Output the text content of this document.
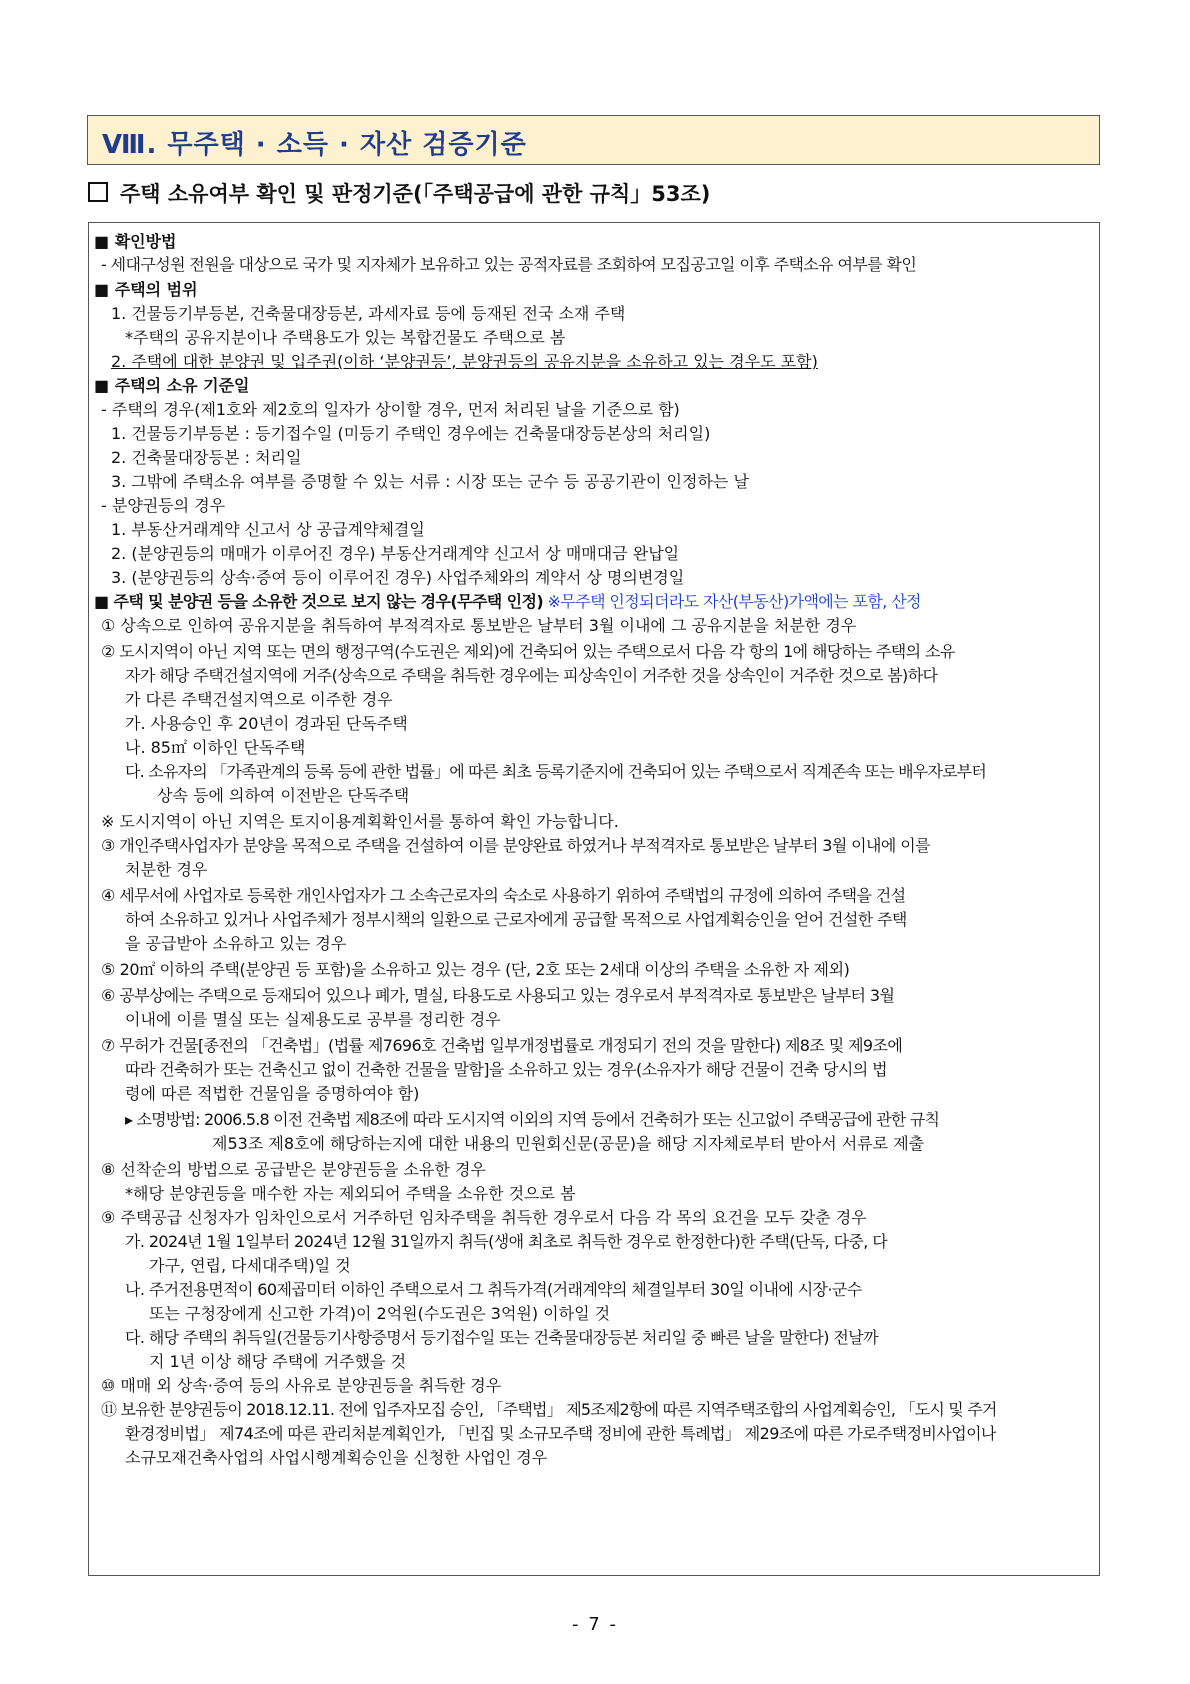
Ⅷ. 무주택 · 소득 · 자산 검증기준
주택 소유여부 확인 및 판정기준(「주택공급에 관한 규칙」53조)
■ 확인방법
- 세대구성원 전원을 대상으로 국가 및 지자체가 보유하고 있는 공적자료를 조회하여 모집공고일 이후 주택소유 여부를 확인
■ 주택의 범위
1. 건물등기부등본, 건축물대장등본, 과세자료 등에 등재된 전국 소재 주택
*주택의 공유지분이나 주택용도가 있는 복합건물도 주택으로 봄
2. 주택에 대한 분양권 및 입주권(이하 ‘분양권등’, 분양권등의 공유지분을 소유하고 있는 경우도 포함)
■ 주택의 소유 기준일
- 주택의 경우(제1호와 제2호의 일자가 상이할 경우, 먼저 처리된 날을 기준으로 함)
1. 건물등기부등본 : 등기접수일 (미등기 주택인 경우에는 건축물대장등본상의 처리일)
2. 건축물대장등본 : 처리일
3. 그밖에 주택소유 여부를 증명할 수 있는 서류 : 시장 또는 군수 등 공공기관이 인정하는 날
- 분양권등의 경우
1. 부동산거래계약 신고서 상 공급계약체결일
2. (분양권등의 매매가 이루어진 경우) 부동산거래계약 신고서 상 매매대금 완납일
3. (분양권등의 상속·증여 등이 이루어진 경우) 사업주체와의 계약서 상 명의변경일
■ 주택 및 분양권 등을 소유한 것으로 보지 않는 경우(무주택 인정) ※무주택 인정되더라도 자산(부동산)가액에는 포함, 산정
① 상속으로 인하여 공유지분을 취득하여 부적격자로 통보받은 날부터 3월 이내에 그 공유지분을 처분한 경우
② 도시지역이 아닌 지역 또는 면의 행정구역(수도권은 제외)에 건축되어 있는 주택으로서 다음 각 항의 1에 해당하는 주택의 소유
자가 해당 주택건설지역에 거주(상속으로 주택을 취득한 경우에는 피상속인이 거주한 것을 상속인이 거주한 것으로 봄)하다
가 다른 주택건설지역으로 이주한 경우
가. 사용승인 후 20년이 경과된 단독주택
나. 85㎡ 이하인 단독주택
다. 소유자의 「가족관계의 등록 등에 관한 법률」에 따른 최초 등록기준지에 건축되어 있는 주택으로서 직계존속 또는 배우자로부터
상속 등에 의하여 이전받은 단독주택
※ 도시지역이 아닌 지역은 토지이용계획확인서를 통하여 확인 가능합니다.
③ 개인주택사업자가 분양을 목적으로 주택을 건설하여 이를 분양완료 하였거나 부적격자로 통보받은 날부터 3월 이내에 이를
처분한 경우
④ 세무서에 사업자로 등록한 개인사업자가 그 소속근로자의 숙소로 사용하기 위하여 주택법의 규정에 의하여 주택을 건설
하여 소유하고 있거나 사업주체가 정부시책의 일환으로 근로자에게 공급할 목적으로 사업계획승인을 얻어 건설한 주택
을 공급받아 소유하고 있는 경우
⑤ 20㎡ 이하의 주택(분양권 등 포함)을 소유하고 있는 경우 (단, 2호 또는 2세대 이상의 주택을 소유한 자 제외)
⑥ 공부상에는 주택으로 등재되어 있으나 폐가, 멸실, 타용도로 사용되고 있는 경우로서 부적격자로 통보받은 날부터 3월
이내에 이를 멸실 또는 실제용도로 공부를 정리한 경우
⑦ 무허가 건물[종전의 「건축법」(법률 제7696호 건축법 일부개정법률로 개정되기 전의 것을 말한다) 제8조 및 제9조에
따라 건축허가 또는 건축신고 없이 건축한 건물을 말함]을 소유하고 있는 경우(소유자가 해당 건물이 건축 당시의 법
령에 따른 적법한 건물임을 증명하여야 함)
▸ 소명방법: 2006.5.8 이전 건축법 제8조에 따라 도시지역 이외의 지역 등에서 건축허가 또는 신고없이 주택공급에 관한 규칙
제53조 제8호에 해당하는지에 대한 내용의 민원회신문(공문)을 해당 지자체로부터 받아서 서류로 제출
⑧ 선착순의 방법으로 공급받은 분양권등을 소유한 경우
*해당 분양권등을 매수한 자는 제외되어 주택을 소유한 것으로 봄
⑨ 주택공급 신청자가 임차인으로서 거주하던 임차주택을 취득한 경우로서 다음 각 목의 요건을 모두 갖춘 경우
가. 2024년 1월 1일부터 2024년 12월 31일까지 취득(생애 최초로 취득한 경우로 한정한다)한 주택(단독, 다중, 다
가구, 연립, 다세대주택)일 것
나. 주거전용면적이 60제곱미터 이하인 주택으로서 그 취득가격(거래계약의 체결일부터 30일 이내에 시장·군수
또는 구청장에게 신고한 가격)이 2억원(수도권은 3억원) 이하일 것
다. 해당 주택의 취득일(건물등기사항증명서 등기접수일 또는 건축물대장등본 처리일 중 빠른 날을 말한다) 전날까
지 1년 이상 해당 주택에 거주했을 것
⑩ 매매 외 상속·증여 등의 사유로 분양권등을 취득한 경우
⑪ 보유한 분양권등이 2018.12.11. 전에 입주자모집 승인, 「주택법」 제5조제2항에 따른 지역주택조합의 사업계획승인, 「도시 및 주거
환경정비법」 제74조에 따른 관리처분계획인가, 「빈집 및 소규모주택 정비에 관한 특례법」 제29조에 따른 가로주택정비사업이나
소규모재건축사업의 사업시행계획승인을 신청한 사업인 경우
- 7 -
